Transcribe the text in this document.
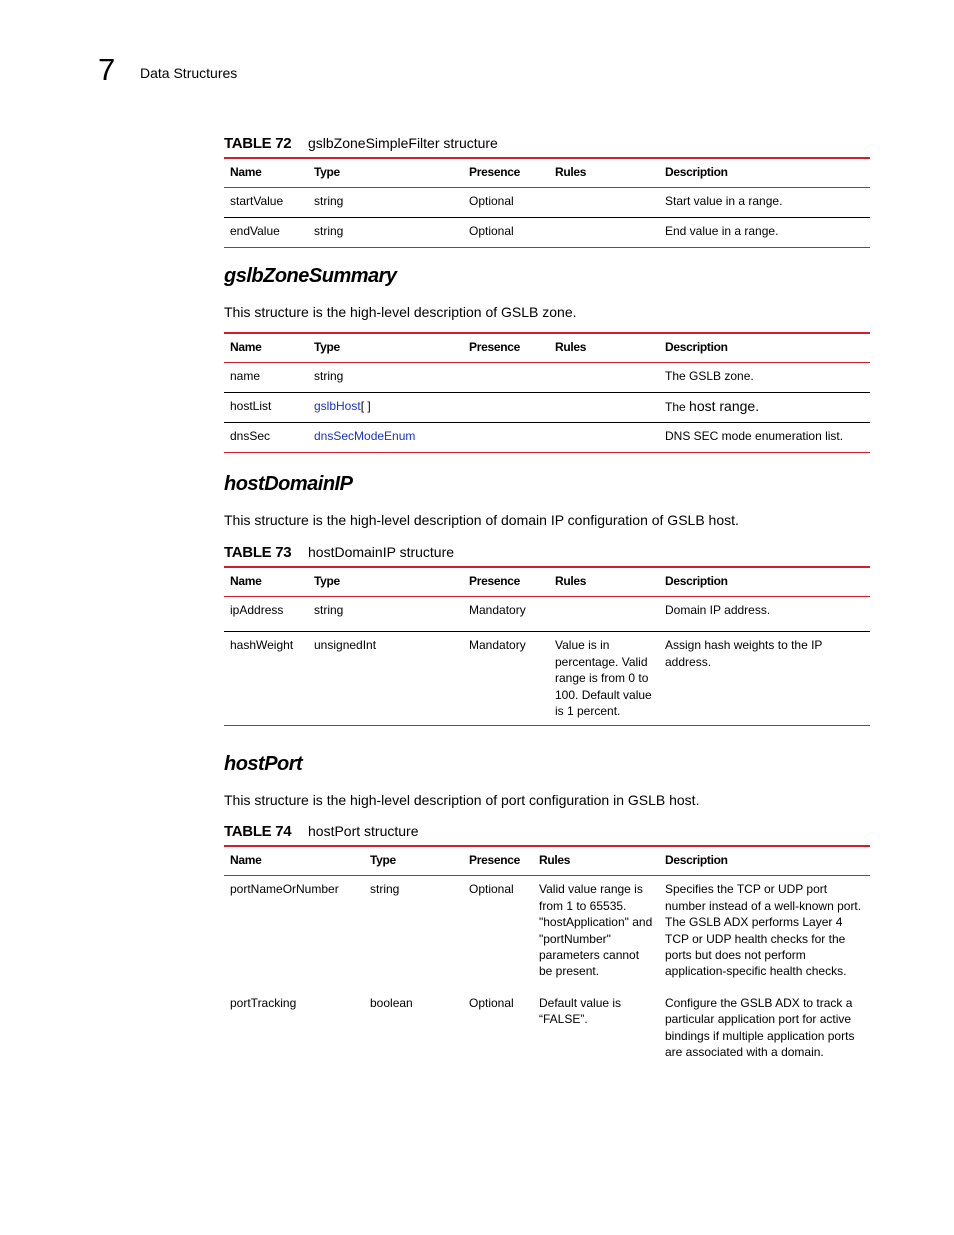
7 Data Structures
TABLE 72 gslbZoneSimpleFilter structure
Name	Type	Presence	Rules	Description
startValue	string	Optional		Start value in a range.
endValue	string	Optional		End value in a range.
gslbZoneSummary
This structure is the high-level description of GSLB zone.
Name	Type	Presence	Rules	Description
name	string			The GSLB zone.
hostList	gslbHost[ ]			The host range.
dnsSec	dnsSecModeEnum			DNS SEC mode enumeration list.
hostDomainIP
This structure is the high-level description of domain IP configuration of GSLB host.
TABLE 73 hostDomainIP structure
Name	Type	Presence	Rules	Description
ipAddress	string	Mandatory		Domain IP address.
hashWeight	unsignedInt	Mandatory	Value is in percentage. Valid range is from 0 to 100. Default value is 1 percent.	Assign hash weights to the IP address.
hostPort
This structure is the high-level description of port configuration in GSLB host.
TABLE 74 hostPort structure
Name	Type	Presence	Rules	Description
portNameOrNumber	string	Optional	Valid value range is from 1 to 65535. "hostApplication" and "portNumber" parameters cannot be present.	Specifies the TCP or UDP port number instead of a well-known port. The GSLB ADX performs Layer 4 TCP or UDP health checks for the ports but does not perform application-specific health checks.
portTracking	boolean	Optional	Default value is “FALSE”.	Configure the GSLB ADX to track a particular application port for active bindings if multiple application ports are associated with a domain.
